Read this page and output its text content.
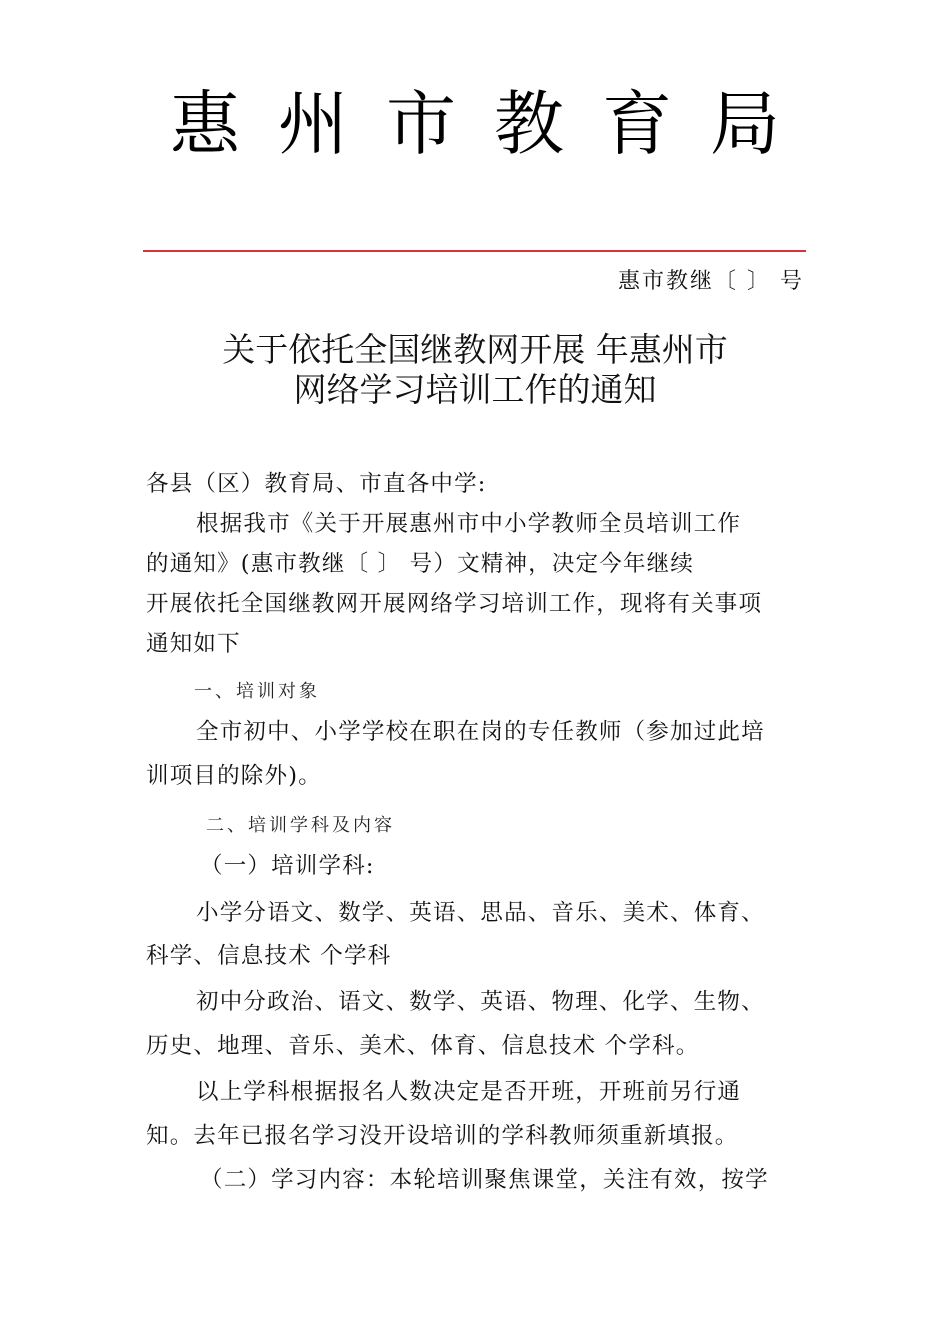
惠州市教育局
惠市教继〔 〕 号
关于依托全国继教网开展 年惠州市
网络学习培训工作的通知
各县（区）教育局、市直各中学:
根据我市《关于开展惠州市中小学教师全员培训工作
的通知》(惠市教继〔 〕 号）文精神，决定今年继续
开展依托全国继教网开展网络学习培训工作，现将有关事项
通知如下
一、培训对象
全市初中、小学学校在职在岗的专任教师（参加过此培
训项目的除外)。
二、培训学科及内容
（一）培训学科:
小学分语文、数学、英语、思品、音乐、美术、体育、
科学、信息技术 个学科
初中分政治、语文、数学、英语、物理、化学、生物、
历史、地理、音乐、美术、体育、信息技术 个学科。
以上学科根据报名人数决定是否开班，开班前另行通
知。去年已报名学习没开设培训的学科教师须重新填报。
（二）学习内容：本轮培训聚焦课堂，关注有效，按学
